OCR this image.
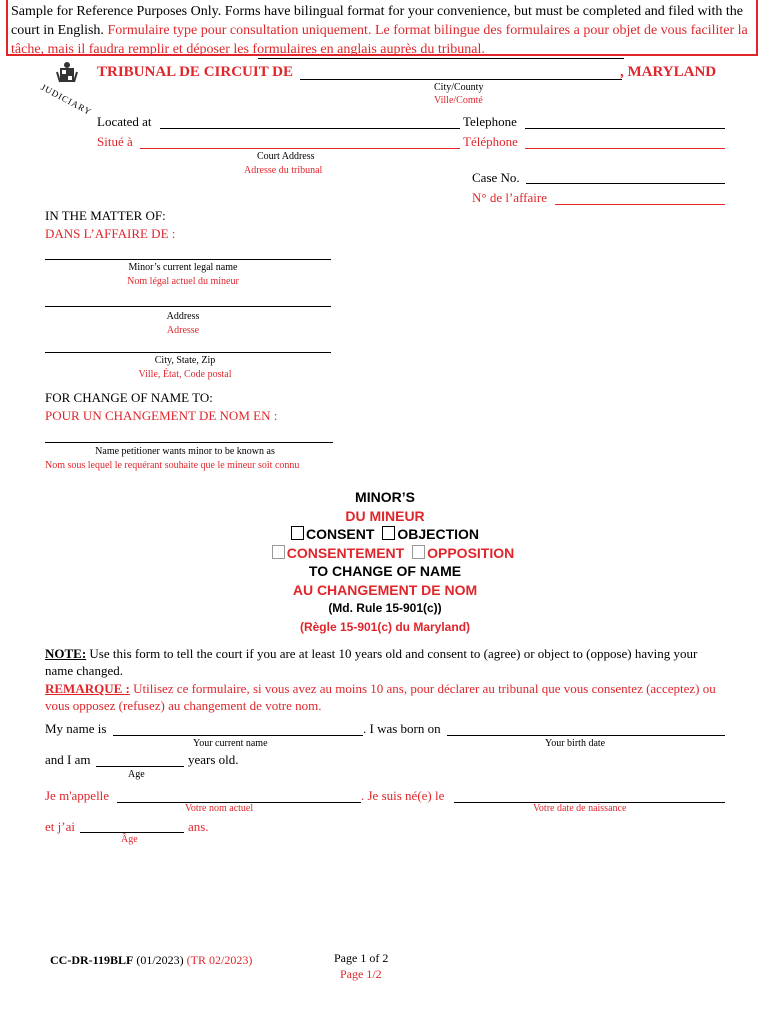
Sample for Reference Purposes Only. Forms have bilingual format for your convenience, but must be completed and filed with the court in English. Formulaire type pour consultation uniquement. Le format bilingue des formulaires a pour objet de vous faciliter la tâche, mais il faudra remplir et déposer les formulaires en anglais auprès du tribunal.
JUDICIARY
TRIBUNAL DE CIRCUIT DE	, MARYLAND
City/County
Ville/Comté
Located at	Telephone
Situé à	Téléphone
Court Address
Adresse du tribunal	Case No.
N° de l’affaire
IN THE MATTER OF:
DANS L’AFFAIRE DE :
Minor’s current legal name
Nom légal actuel du mineur
Address
Adresse
City, State, Zip
Ville, État, Code postal
FOR CHANGE OF NAME TO:
POUR UN CHANGEMENT DE NOM EN :
Name petitioner wants minor to be known as
Nom sous lequel le requérant souhaite que le mineur soit connu
MINOR’S
DU MINEUR
CONSENT OBJECTION
CONSENTEMENT OPPOSITION
TO CHANGE OF NAME
AU CHANGEMENT DE NOM
(Md. Rule 15-901(c))
(Règle 15-901(c) du Maryland)
NOTE: Use this form to tell the court if you are at least 10 years old and consent to (agree) or object to (oppose) having your name changed.
REMARQUE : Utilisez ce formulaire, si vous avez au moins 10 ans, pour déclarer au tribunal que vous consentez (acceptez) ou vous opposez (refusez) au changement de votre nom.
My name is	. I was born on
Your current name	Your birth date
and I am	years old.
Age
Je m'appelle	. Je suis né(e) le
Votre nom actuel	Votre date de naissance
et j’ai	ans.
Âge
CC-DR-119BLF (01/2023) (TR 02/2023)	Page 1 of 2
Page 1/2
